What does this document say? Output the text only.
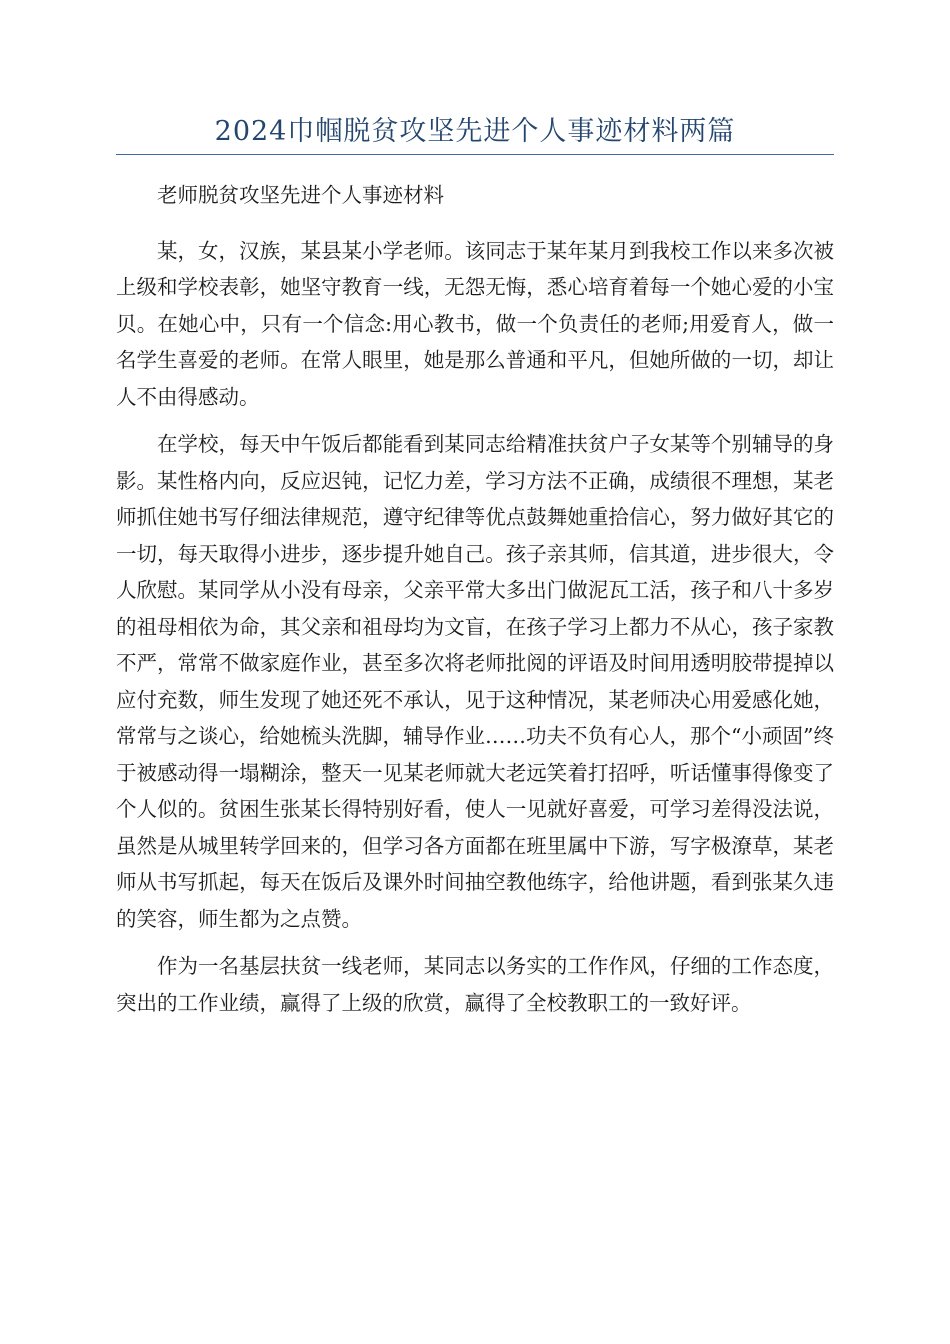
2024巾帼脱贫攻坚先进个人事迹材料两篇

老师脱贫攻坚先进个人事迹材料

某，女，汉族，某县某小学老师。该同志于某年某月到我校工作以来多次被上级和学校表彰，她坚守教育一线，无怨无悔，悉心培育着每一个她心爱的小宝贝。在她心中，只有一个信念:用心教书，做一个负责任的老师;用爱育人，做一名学生喜爱的老师。在常人眼里，她是那么普通和平凡，但她所做的一切，却让人不由得感动。

在学校，每天中午饭后都能看到某同志给精准扶贫户子女某等个别辅导的身影。某性格内向，反应迟钝，记忆力差，学习方法不正确，成绩很不理想，某老师抓住她书写仔细法律规范，遵守纪律等优点鼓舞她重拾信心，努力做好其它的一切，每天取得小进步，逐步提升她自己。孩子亲其师，信其道，进步很大，令人欣慰。某同学从小没有母亲，父亲平常大多出门做泥瓦工活，孩子和八十多岁的祖母相依为命，其父亲和祖母均为文盲，在孩子学习上都力不从心，孩子家教不严，常常不做家庭作业，甚至多次将老师批阅的评语及时间用透明胶带提掉以应付充数，师生发现了她还死不承认，见于这种情况，某老师决心用爱感化她，常常与之谈心，给她梳头洗脚，辅导作业……功夫不负有心人，那个“小顽固”终于被感动得一塌糊涂，整天一见某老师就大老远笑着打招呼，听话懂事得像变了个人似的。贫困生张某长得特别好看，使人一见就好喜爱，可学习差得没法说，虽然是从城里转学回来的，但学习各方面都在班里属中下游，写字极潦草，某老师从书写抓起，每天在饭后及课外时间抽空教他练字，给他讲题，看到张某久违的笑容，师生都为之点赞。

作为一名基层扶贫一线老师，某同志以务实的工作作风，仔细的工作态度，突出的工作业绩，赢得了上级的欣赏，赢得了全校教职工的一致好评。
